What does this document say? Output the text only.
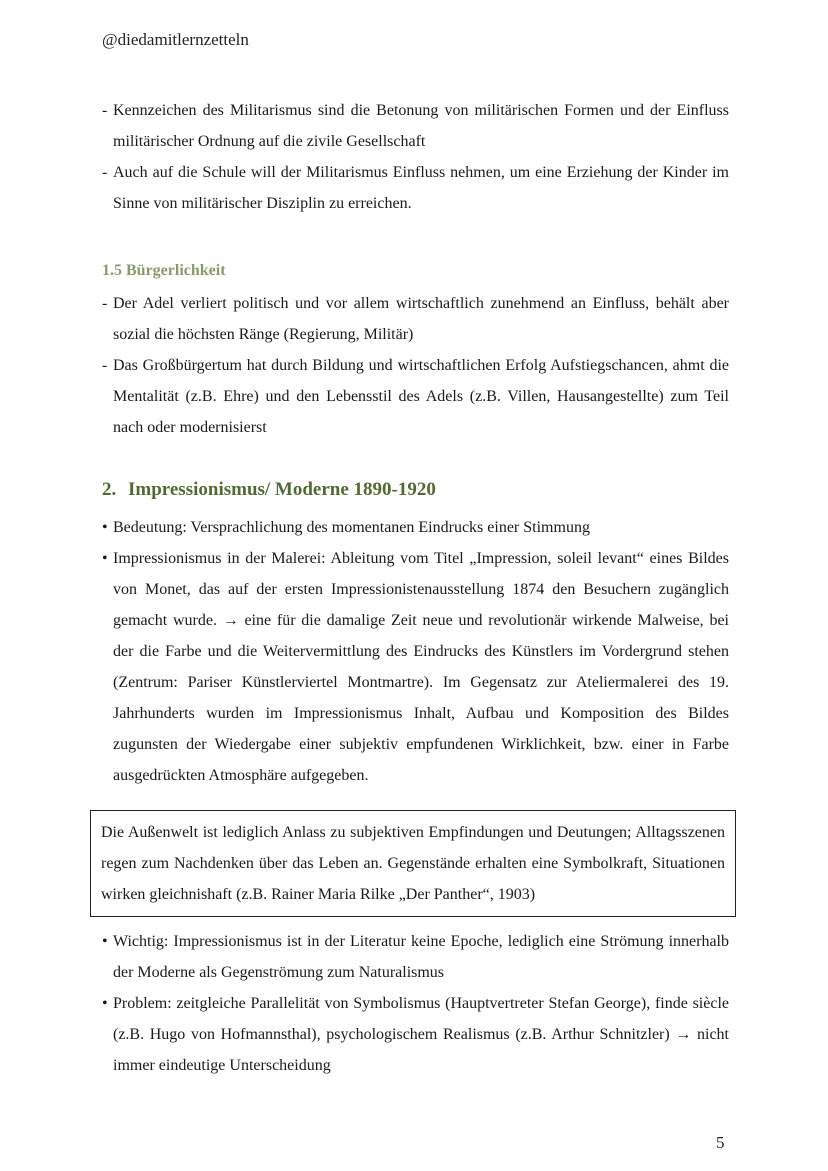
@diedamitlernzetteln
- Kennzeichen des Militarismus sind die Betonung von militärischen Formen und der Einfluss militärischer Ordnung auf die zivile Gesellschaft
- Auch auf die Schule will der Militarismus Einfluss nehmen, um eine Erziehung der Kinder im Sinne von militärischer Disziplin zu erreichen.
1.5 Bürgerlichkeit
- Der Adel verliert politisch und vor allem wirtschaftlich zunehmend an Einfluss, behält aber sozial die höchsten Ränge (Regierung, Militär)
- Das Großbürgertum hat durch Bildung und wirtschaftlichen Erfolg Aufstiegschancen, ahmt die Mentalität (z.B. Ehre) und den Lebensstil des Adels (z.B. Villen, Hausangestellte) zum Teil nach oder modernisierst
2. Impressionismus/ Moderne 1890-1920
• Bedeutung: Versprachlichung des momentanen Eindrucks einer Stimmung
• Impressionismus in der Malerei: Ableitung vom Titel „Impression, soleil levant“ eines Bildes von Monet, das auf der ersten Impressionistenausstellung 1874 den Besuchern zugänglich gemacht wurde. → eine für die damalige Zeit neue und revolutionär wirkende Malweise, bei der die Farbe und die Weitervermittlung des Eindrucks des Künstlers im Vordergrund stehen (Zentrum: Pariser Künstlerviertel Montmartre). Im Gegensatz zur Ateliermalerei des 19. Jahrhunderts wurden im Impressionismus Inhalt, Aufbau und Komposition des Bildes zugunsten der Wiedergabe einer subjektiv empfundenen Wirklichkeit, bzw. einer in Farbe ausgedrückten Atmosphäre aufgegeben.
Die Außenwelt ist lediglich Anlass zu subjektiven Empfindungen und Deutungen; Alltagsszenen regen zum Nachdenken über das Leben an. Gegenstände erhalten eine Symbolkraft, Situationen wirken gleichnishaft (z.B. Rainer Maria Rilke „Der Panther“, 1903)
• Wichtig: Impressionismus ist in der Literatur keine Epoche, lediglich eine Strömung innerhalb der Moderne als Gegenströmung zum Naturalismus
• Problem: zeitgleiche Parallelität von Symbolismus (Hauptvertreter Stefan George), finde siècle (z.B. Hugo von Hofmannsthal), psychologischem Realismus (z.B. Arthur Schnitzler) → nicht immer eindeutige Unterscheidung
5
